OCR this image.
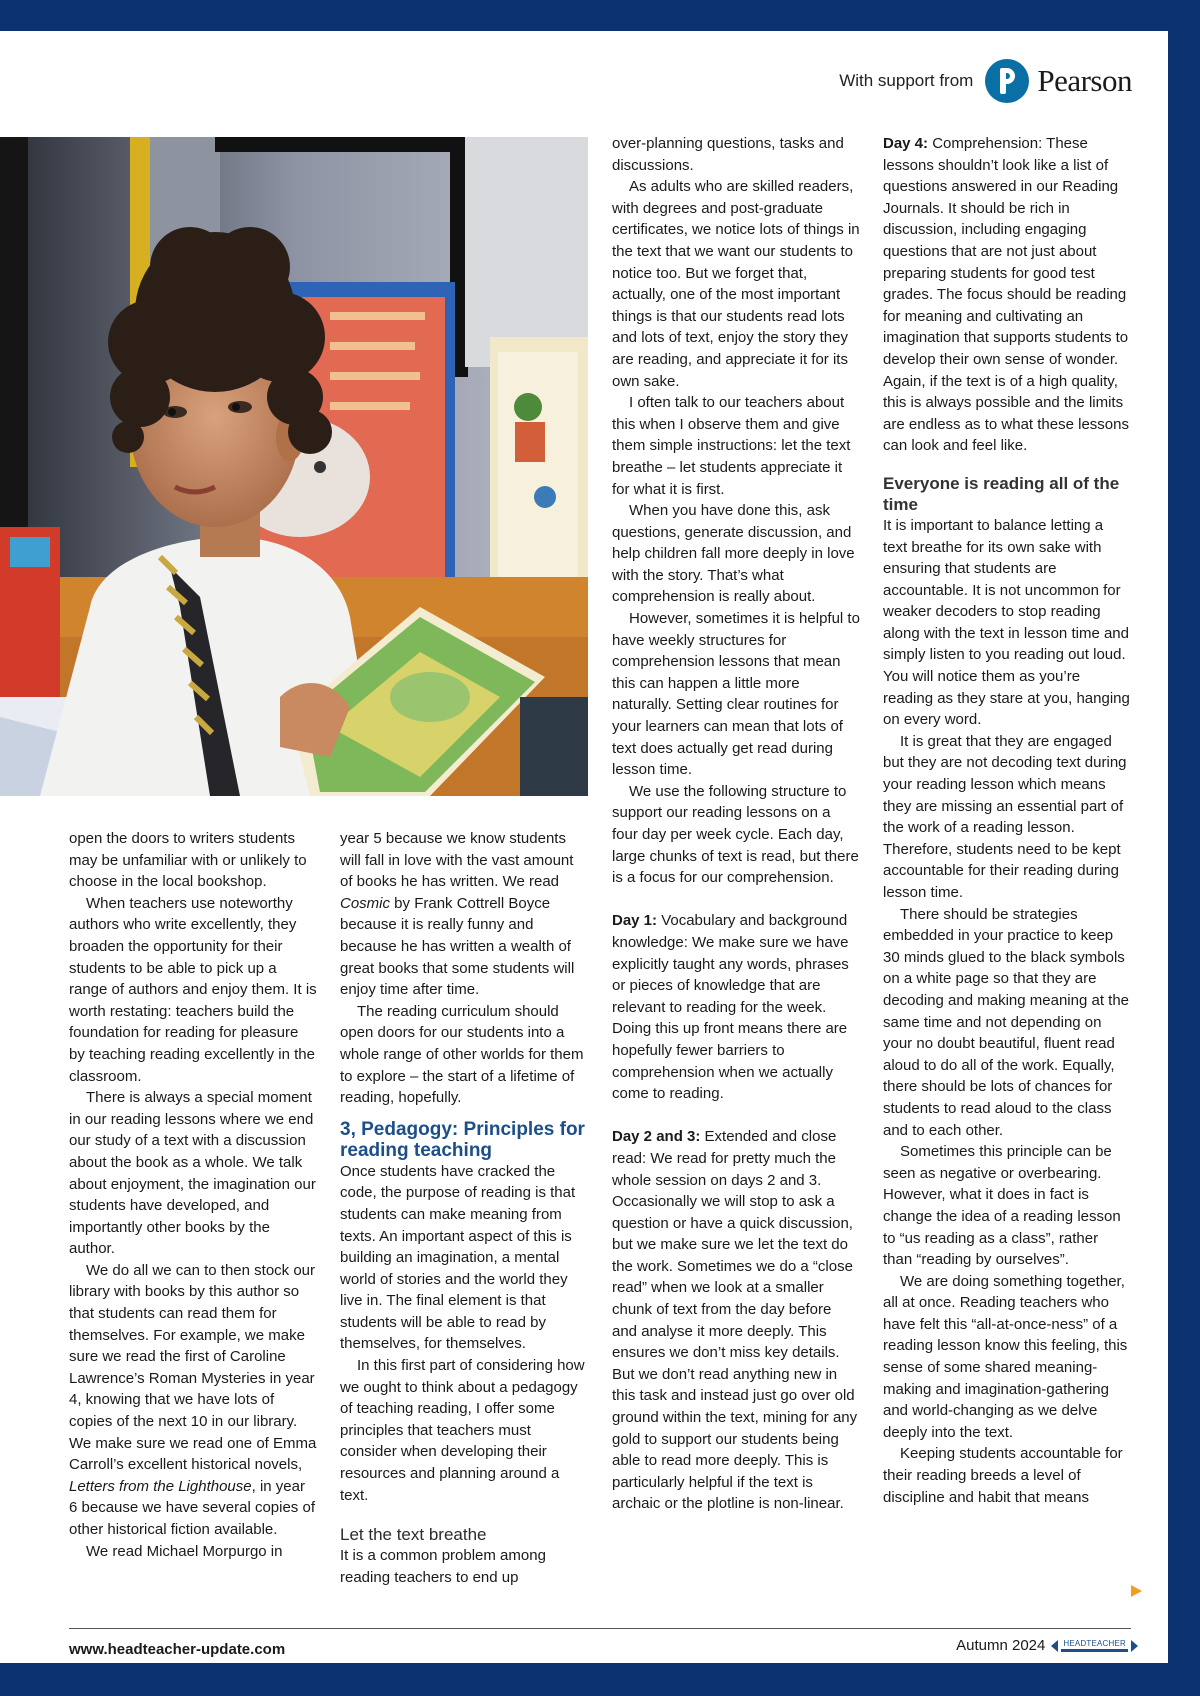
With support from Pearson

open the doors to writers students may be unfamiliar with or unlikely to choose in the local bookshop.

When teachers use noteworthy authors who write excellently, they broaden the opportunity for their students to be able to pick up a range of authors and enjoy them. It is worth restating: teachers build the foundation for reading for pleasure by teaching reading excellently in the classroom.

There is always a special moment in our reading lessons where we end our study of a text with a discussion about the book as a whole. We talk about enjoyment, the imagination our students have developed, and importantly other books by the author.

We do all we can to then stock our library with books by this author so that students can read them for themselves. For example, we make sure we read the first of Caroline Lawrence’s Roman Mysteries in year 4, knowing that we have lots of copies of the next 10 in our library. We make sure we read one of Emma Carroll’s excellent historical novels, Letters from the Lighthouse, in year 6 because we have several copies of other historical fiction available.

We read Michael Morpurgo in

year 5 because we know students will fall in love with the vast amount of books he has written. We read Cosmic by Frank Cottrell Boyce because it is really funny and because he has written a wealth of great books that some students will enjoy time after time.

The reading curriculum should open doors for our students into a whole range of other worlds for them to explore – the start of a lifetime of reading, hopefully.

3, Pedagogy: Principles for reading teaching

Once students have cracked the code, the purpose of reading is that students can make meaning from texts. An important aspect of this is building an imagination, a mental world of stories and the world they live in. The final element is that students will be able to read by themselves, for themselves.

In this first part of considering how we ought to think about a pedagogy of teaching reading, I offer some principles that teachers must consider when developing their resources and planning around a text.

Let the text breathe

It is a common problem among reading teachers to end up

over-planning questions, tasks and discussions.

As adults who are skilled readers, with degrees and post-graduate certificates, we notice lots of things in the text that we want our students to notice too. But we forget that, actually, one of the most important things is that our students read lots and lots of text, enjoy the story they are reading, and appreciate it for its own sake.

I often talk to our teachers about this when I observe them and give them simple instructions: let the text breathe – let students appreciate it for what it is first.

When you have done this, ask questions, generate discussion, and help children fall more deeply in love with the story. That’s what comprehension is really about.

However, sometimes it is helpful to have weekly structures for comprehension lessons that mean this can happen a little more naturally. Setting clear routines for your learners can mean that lots of text does actually get read during lesson time.

We use the following structure to support our reading lessons on a four day per week cycle. Each day, large chunks of text is read, but there is a focus for our comprehension.

Day 1: Vocabulary and background knowledge: We make sure we have explicitly taught any words, phrases or pieces of knowledge that are relevant to reading for the week. Doing this up front means there are hopefully fewer barriers to comprehension when we actually come to reading.

Day 2 and 3: Extended and close read: We read for pretty much the whole session on days 2 and 3. Occasionally we will stop to ask a question or have a quick discussion, but we make sure we let the text do the work. Sometimes we do a “close read” when we look at a smaller chunk of text from the day before and analyse it more deeply. This ensures we don’t miss key details. But we don’t read anything new in this task and instead just go over old ground within the text, mining for any gold to support our students being able to read more deeply. This is particularly helpful if the text is archaic or the plotline is non-linear.

Day 4: Comprehension: These lessons shouldn’t look like a list of questions answered in our Reading Journals. It should be rich in discussion, including engaging questions that are not just about preparing students for good test grades. The focus should be reading for meaning and cultivating an imagination that supports students to develop their own sense of wonder. Again, if the text is of a high quality, this is always possible and the limits are endless as to what these lessons can look and feel like.

Everyone is reading all of the time

It is important to balance letting a text breathe for its own sake with ensuring that students are accountable. It is not uncommon for weaker decoders to stop reading along with the text in lesson time and simply listen to you reading out loud. You will notice them as you’re reading as they stare at you, hanging on every word.

It is great that they are engaged but they are not decoding text during your reading lesson which means they are missing an essential part of the work of a reading lesson. Therefore, students need to be kept accountable for their reading during lesson time.

There should be strategies embedded in your practice to keep 30 minds glued to the black symbols on a white page so that they are decoding and making meaning at the same time and not depending on your no doubt beautiful, fluent read aloud to do all of the work. Equally, there should be lots of chances for students to read aloud to the class and to each other.

Sometimes this principle can be seen as negative or overbearing. However, what it does in fact is change the idea of a reading lesson to “us reading as a class”, rather than “reading by ourselves”.

We are doing something together, all at once. Reading teachers who have felt this “all-at-once-ness” of a reading lesson know this feeling, this sense of some shared meaning-making and imagination-gathering and world-changing as we delve deeply into the text.

Keeping students accountable for their reading breeds a level of discipline and habit that means

www.headteacher-update.com	Autumn 2024 HEADTEACHER
